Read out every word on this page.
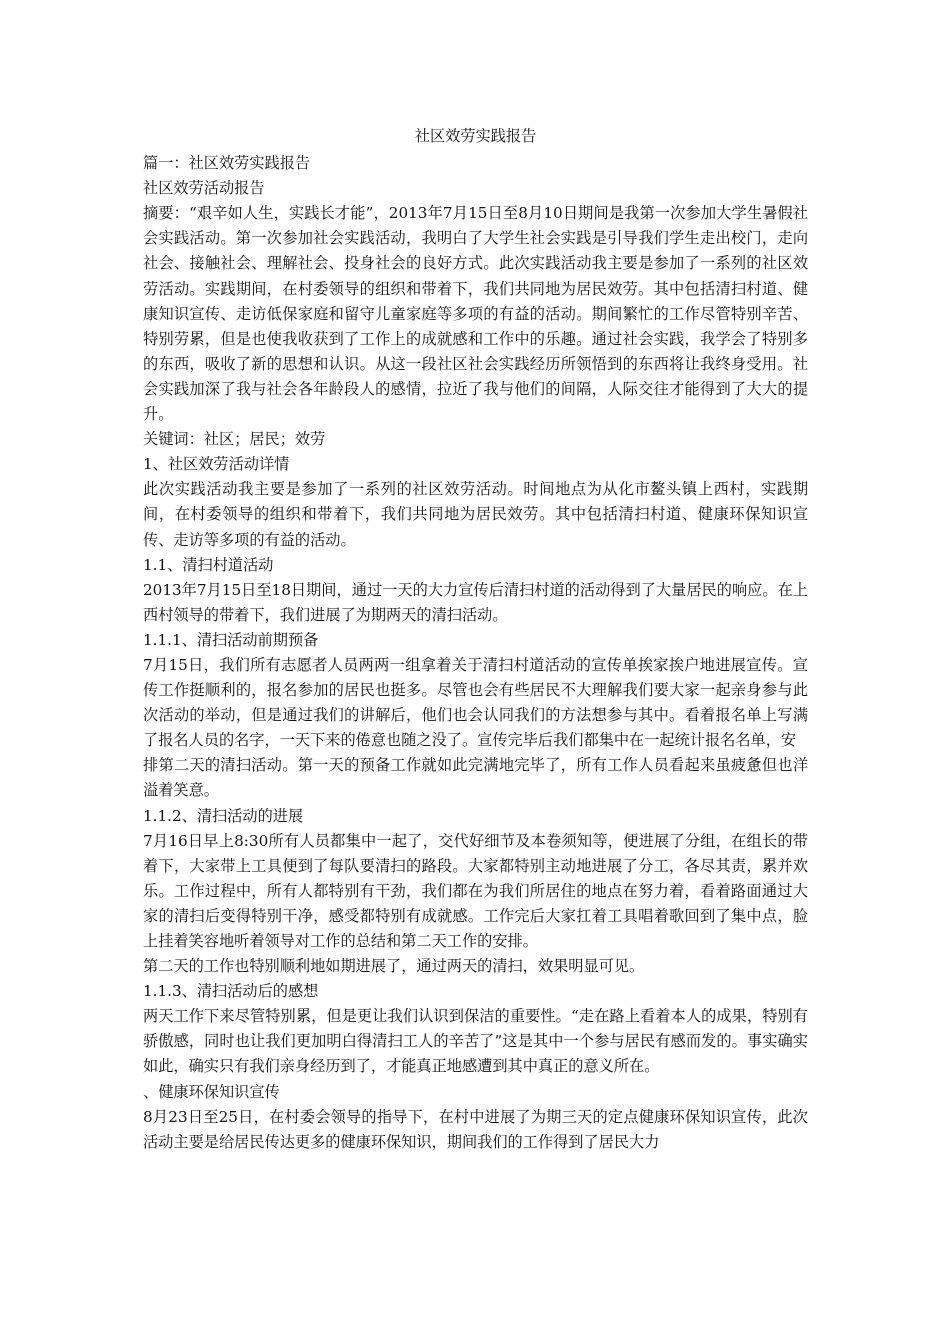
社区效劳实践报告

篇一：社区效劳实践报告

社区效劳活动报告

摘要：“艰辛如人生，实践长才能”，2013年7月15日至8月10日期间是我第一次参加大学生暑假社会实践活动。第一次参加社会实践活动，我明白了大学生社会实践是引导我们学生走出校门，走向社会、接触社会、理解社会、投身社会的良好方式。此次实践活动我主要是参加了一系列的社区效劳活动。实践期间，在村委领导的组织和带着下，我们共同地为居民效劳。其中包括清扫村道、健康知识宣传、走访低保家庭和留守儿童家庭等多项的有益的活动。期间繁忙的工作尽管特别辛苦、特别劳累，但是也使我收获到了工作上的成就感和工作中的乐趣。通过社会实践，我学会了特别多的东西，吸收了新的思想和认识。从这一段社区社会实践经历所领悟到的东西将让我终身受用。社会实践加深了我与社会各年龄段人的感情，拉近了我与他们的间隔，人际交往才能得到了大大的提升。

关键词：社区；居民；效劳

1、社区效劳活动详情

此次实践活动我主要是参加了一系列的社区效劳活动。时间地点为从化市鳌头镇上西村，实践期间，在村委领导的组织和带着下，我们共同地为居民效劳。其中包括清扫村道、健康环保知识宣传、走访等多项的有益的活动。

1.1、清扫村道活动

2013年7月15日至18日期间，通过一天的大力宣传后清扫村道的活动得到了大量居民的响应。在上西村领导的带着下，我们进展了为期两天的清扫活动。

1.1.1、清扫活动前期预备

7月15日，我们所有志愿者人员两两一组拿着关于清扫村道活动的宣传单挨家挨户地进展宣传。宣传工作挺顺利的，报名参加的居民也挺多。尽管也会有些居民不大理解我们要大家一起亲身参与此次活动的举动，但是通过我们的讲解后，他们也会认同我们的方法想参与其中。看着报名单上写满了报名人员的名字，一天下来的倦意也随之没了。宣传完毕后我们都集中在一起统计报名名单，安

排第二天的清扫活动。第一天的预备工作就如此完满地完毕了，所有工作人员看起来虽疲惫但也洋溢着笑意。

1.1.2、清扫活动的进展

7月16日早上8:30所有人员都集中一起了，交代好细节及本卷须知等，便进展了分组，在组长的带着下，大家带上工具便到了每队要清扫的路段。大家都特别主动地进展了分工，各尽其责，累并欢乐。工作过程中，所有人都特别有干劲，我们都在为我们所居住的地点在努力着，看着路面通过大家的清扫后变得特别干净，感受都特别有成就感。工作完后大家扛着工具唱着歌回到了集中点，脸上挂着笑容地听着领导对工作的总结和第二天工作的安排。

第二天的工作也特别顺利地如期进展了，通过两天的清扫，效果明显可见。

1.1.3、清扫活动后的感想

两天工作下来尽管特别累，但是更让我们认识到保洁的重要性。“走在路上看着本人的成果，特别有骄傲感，同时也让我们更加明白得清扫工人的辛苦了”这是其中一个参与居民有感而发的。事实确实如此，确实只有我们亲身经历到了，才能真正地感遭到其中真正的意义所在。

、健康环保知识宣传

8月23日至25日，在村委会领导的指导下，在村中进展了为期三天的定点健康环保知识宣传，此次活动主要是给居民传达更多的健康环保知识，期间我们的工作得到了居民大力
